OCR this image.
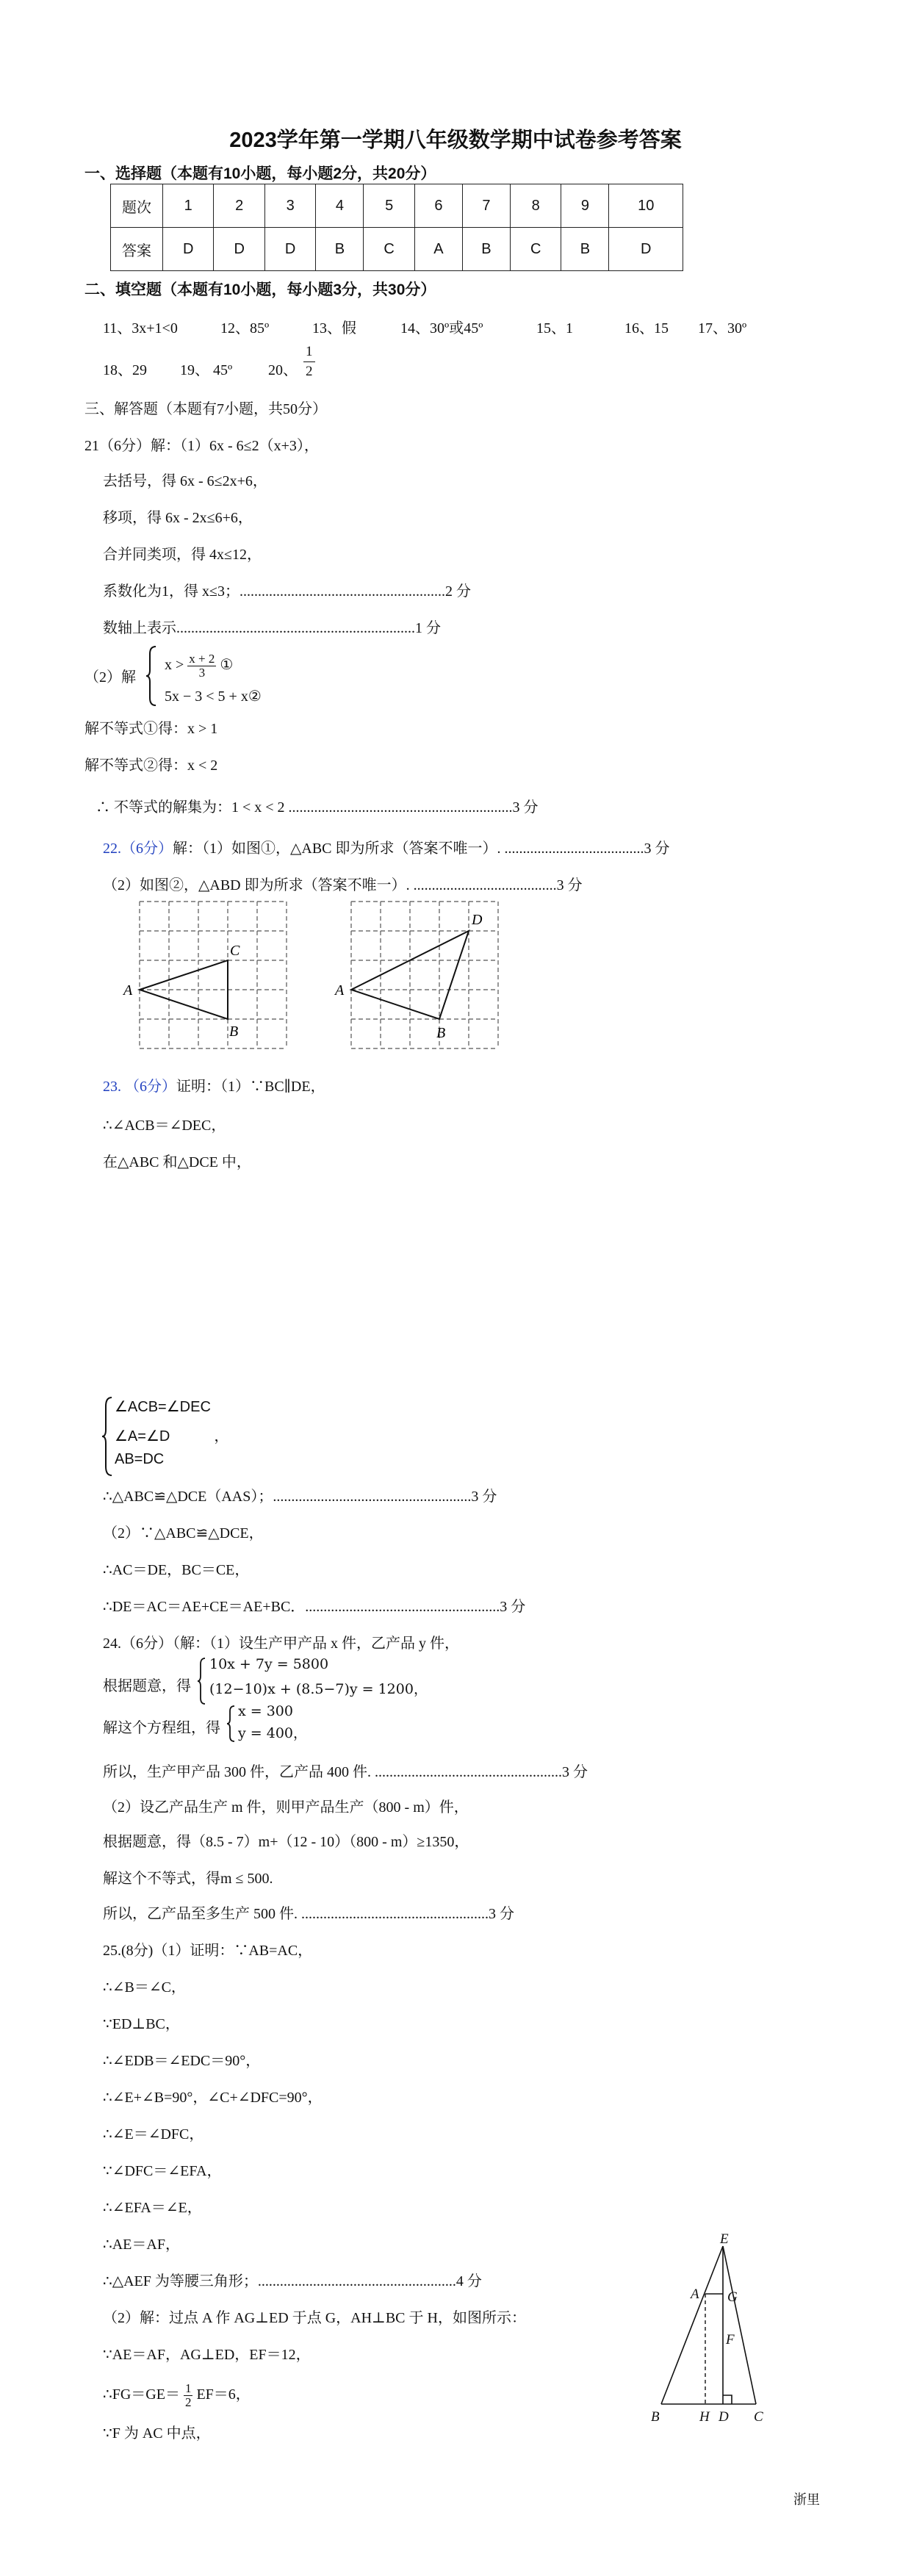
2023学年第一学期八年级数学期中试卷参考答案
一、选择题（本题有10小题，每小题2分，共20分）
题次	1	2	3	4	5	6	7	8	9	10
答案	D	D	D	B	C	A	B	C	B	D
二、填空题（本题有10小题，每小题3分，共30分）
11、3x+1<0	12、85º	13、假	14、30º或45º	15、1	16、15 17、30º
18、29 19、 45º 20、 $\frac{1}{2}$
三、解答题（本题有7小题，共50分）
21（6分）解：（1）6x - 6≤2（x+3），
去括号，得 6x - 6≤2x+6，
移项，得 6x - 2x≤6+6，
合并同类项，得 4x≤12，
系数化为1，得 x≤3；........................................................2 分
数轴上表示.................................................................1 分
（2）解
$x > \frac{x + 2}{3}$ ①
5x − 3 < 5 + x②
解不等式①得：x > 1
解不等式②得：x < 2
∴ 不等式的解集为：1 < x < 2 .............................................................3 分
22.（6分）解：（1）如图①，△ABC 即为所求（答案不唯一）. ......................................3 分
（2）如图②，△ABD 即为所求（答案不唯一）. .......................................3 分
A
C
B
A
D
B
23. （6分）证明：（1）∵BC∥DE，
∴∠ACB＝∠DEC，
在△ABC 和△DCE 中，
∠ACB=∠DEC
∠A=∠D	，
AB=DC
∴△ABC≌△DCE（AAS）；......................................................3 分
（2）∵△ABC≌△DCE，
∴AC＝DE，BC＝CE，
∴DE＝AC＝AE+CE＝AE+BC．.....................................................3 分
24.（6分）（解：（1）设生产甲产品 x 件，乙产品 y 件，
根据题意，得
10x + 7y = 5800
(12−10)x + (8.5−7)y = 1200，
解这个方程组，得
x = 300
y = 400，
所以，生产甲产品 300 件，乙产品 400 件. ...................................................3 分
（2）设乙产品生产 m 件，则甲产品生产（800 - m）件，
根据题意，得（8.5 - 7）m+（12 - 10）（800 - m）≥1350，
解这个不等式，得m ≤ 500.
所以，乙产品至多生产 500 件. ...................................................3 分
25.(8分)（1）证明：∵AB=AC，
∴∠B＝∠C，
∵ED⊥BC，
∴∠EDB＝∠EDC＝90°，
∴∠E+∠B=90°，∠C+∠DFC=90°，
∴∠E＝∠DFC，
∵∠DFC＝∠EFA，
∴∠EFA＝∠E，
∴AE＝AF，
∴△AEF 为等腰三角形；......................................................4 分
（2）解：过点 A 作 AG⊥ED 于点 G，AH⊥BC 于 H，如图所示：
∵AE＝AF，AG⊥ED，EF＝12，
∴FG＝GE＝ $\frac{1}{2} EF=6$，
∵F 为 AC 中点，
E
A G
F
B	H D C
浙里
